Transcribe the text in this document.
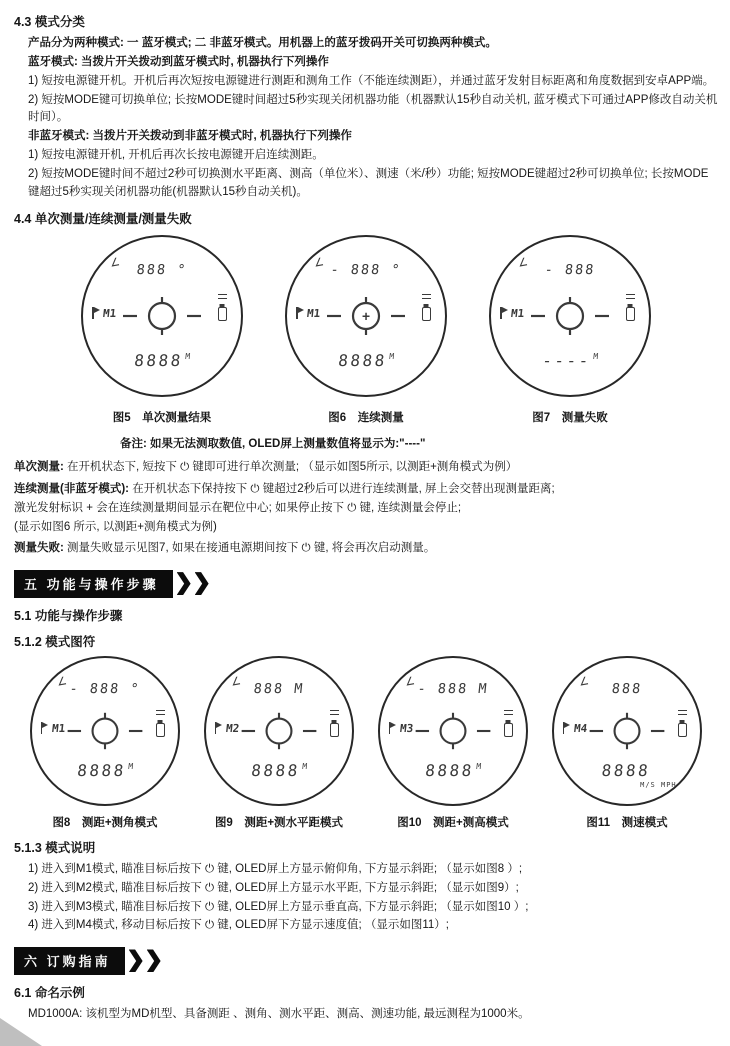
4.3 模式分类

产品分为两种模式: 一 蓝牙模式; 二 非蓝牙模式。用机器上的蓝牙拨码开关可切换两种模式。

蓝牙模式: 当拨片开关拨动到蓝牙模式时, 机器执行下列操作

1) 短按电源键开机。开机后再次短按电源键进行测距和测角工作（不能连续测距），并通过蓝牙发射目标距离和角度数据到安卓APP端。

2) 短按MODE键可切换单位; 长按MODE键时间超过5秒实现关闭机器功能（机器默认15秒自动关机, 蓝牙模式下可通过APP修改自动关机时间）。

非蓝牙模式: 当拨片开关拨动到非蓝牙模式时, 机器执行下列操作

1) 短按电源键开机, 开机后再次长按电源键开启连续测距。

2) 短按MODE键时间不超过2秒可切换测水平距离、测高（单位米）、测速（米/秒）功能; 短按MODE键超过2秒可切换单位; 长按MODE键超过5秒实现关闭机器功能(机器默认15秒自动关机)。

4.4 单次测量/连续测量/测量失败
∠	888 °
M1
$8888^M$
图5　单次测量结果
∠ - 888 °
M1	+
$8888^M$
图6　连续测量
∠	- 888
M1
----$^M$
图7　测量失败

备注: 如果无法测取数值, OLED屏上测量数值将显示为:"----"

单次测量: 在开机状态下, 短按下 ⏻ 键即可进行单次测量; （显示如图5所示, 以测距+测角模式为例）

连续测量(非蓝牙模式): 在开机状态下保持按下 ⏻ 键超过2秒后可以进行连续测量, 屏上会交替出现测量距离;

激光发射标识 + 会在连续测量期间显示在靶位中心; 如果停止按下 ⏻ 键, 连续测量会停止;

(显示如图6 所示, 以测距+测角模式为例)

测量失败: 测量失败显示见图7, 如果在接通电源期间按下 ⏻ 键, 将会再次启动测量。

五 功能与操作步骤
5.1 功能与操作步骤
5.1.2 模式图符
∠ - 888 °
M1
$8888^M$
图8　测距+测角模式
∠ 888 M
M2
$8888^M$
图9　测距+测水平距模式
∠ - 888 M
M3
$8888^M$
图10　测距+测高模式
∠	888
M4
8888
M/S MPH
图11　测速模式
5.1.3 模式说明

1) 进入到M1模式, 瞄准目标后按下 ⏻ 键, OLED屏上方显示俯仰角, 下方显示斜距; （显示如图8 ）;

2) 进入到M2模式, 瞄准目标后按下 ⏻ 键, OLED屏上方显示水平距, 下方显示斜距; （显示如图9）;

3) 进入到M3模式, 瞄准目标后按下 ⏻ 键, OLED屏上方显示垂直高, 下方显示斜距; （显示如图10 ）;

4) 进入到M4模式, 移动目标后按下 ⏻ 键, OLED屏下方显示速度值; （显示如图11）;

六 订购指南
6.1 命名示例

MD1000A: 该机型为MD机型、具备测距 、测角、测水平距、测高、测速功能, 最远测程为1000米。
